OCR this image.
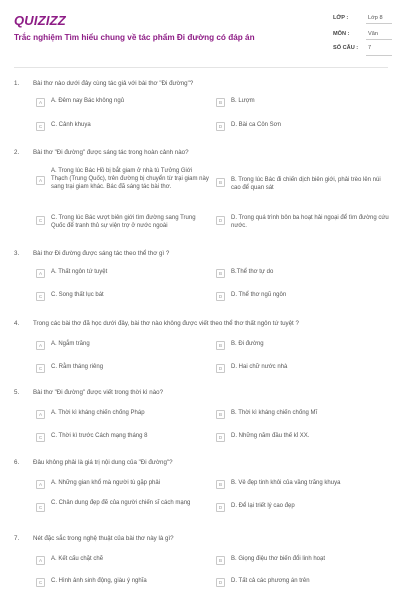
QUIZIZZ
Trắc nghiệm Tìm hiểu chung về tác phẩm Đi đường có đáp án
LỚP :	Lớp 8
MÔN :	Văn
SỐ CÂU : 7
1. Bài thơ nào dưới đây cùng tác giả với bài thơ "Đi đường"?
A	A. Đêm nay Bác không ngủ	B	B. Lượm
C	C. Cảnh khuya	D	D. Bài ca Côn Sơn
2. Bài thơ "Đi đường" được sáng tác trong hoàn cảnh nào?
A
A. Trong lúc Bác Hồ bị bắt giam ở nhà tù Tưởng Giới Thạch (Trung Quốc), trên đường bị chuyển từ trại giam này sang trại giam khác. Bác đã sáng tác bài thơ.
B	B. Trong lúc Bác đi chiến dịch biên giới, phải trèo lên núi cao để quan sát
C	C. Trong lúc Bác vượt biên giới tìm đường sang Trung Quốc để tranh thủ sự viện trợ ở nước ngoài
D	D. Trong quá trình bôn ba hoạt hải ngoại để tìm đường cứu nước.
3. Bài thơ Đi đường được sáng tác theo thể thơ gì ?
A	A. Thất ngôn tứ tuyệt	B	B.Thể thơ tự do
C	C. Song thất lục bát	D	D. Thể thơ ngũ ngôn
4. Trong các bài thơ đã học dưới đây, bài thơ nào không được viết theo thể thơ thất ngôn tứ tuyệt ?
A	A. Ngắm trăng	B	B. Đi đường
C	C. Rằm tháng riêng	D	D. Hai chữ nước nhà
5. Bài thơ "Đi đường" được viết trong thời kì nào?
A	A. Thời kì kháng chiến chống Pháp	B	B. Thời kì kháng chiến chống Mĩ
C	C. Thời kì trước Cách mạng tháng 8	D	D. Những năm đầu thế kỉ XX.
6. Đâu không phải là giá trị nội dung của "Đi đường"?
A	A. Những gian khổ mà người tù gặp phải	B	B. Vẻ đẹp tinh khôi của vầng trăng khuya
C
C. Chân dung đẹp đẽ của người chiến sĩ cách mạng
D	D. Để lại triết lý cao đẹp
7. Nét đặc sắc trong nghệ thuật của bài thơ này là gì?
A	A. Kết cấu chặt chẽ	B	B. Giọng điệu thơ biến đổi linh hoạt
C	C. Hình ảnh sinh động, giàu ý nghĩa	D	D. Tất cả các phương án trên
